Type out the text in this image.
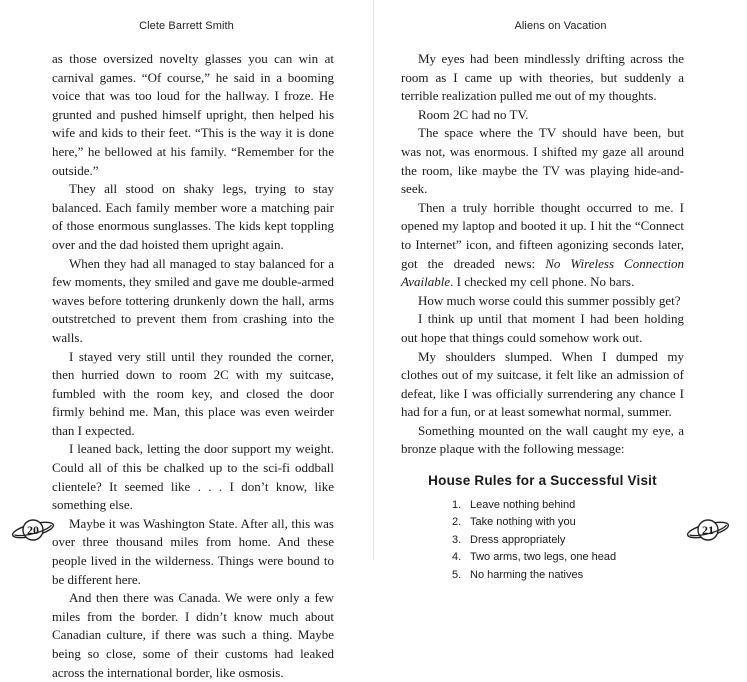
Clete Barrett Smith

as those oversized novelty glasses you can win at carnival games. “Of course,” he said in a booming voice that was too loud for the hallway. I froze. He grunted and pushed himself upright, then helped his wife and kids to their feet. “This is the way it is done here,” he bellowed at his family. “Remember for the outside.”

They all stood on shaky legs, trying to stay balanced. Each family member wore a matching pair of those enormous sunglasses. The kids kept toppling over and the dad hoisted them upright again.

When they had all managed to stay balanced for a few moments, they smiled and gave me double-armed waves before tottering drunkenly down the hall, arms outstretched to prevent them from crashing into the walls.

I stayed very still until they rounded the corner, then hurried down to room 2C with my suitcase, fumbled with the room key, and closed the door firmly behind me. Man, this place was even weirder than I expected.

I leaned back, letting the door support my weight. Could all of this be chalked up to the sci-fi oddball clientele? It seemed like . . . I don’t know, like something else.

Maybe it was Washington State. After all, this was over three thousand miles from home. And these people lived in the wilderness. Things were bound to be different here.

And then there was Canada. We were only a few miles from the border. I didn’t know much about Canadian culture, if there was such a thing. Maybe being so close, some of their customs had leaked across the international border, like osmosis.

20
Aliens on Vacation

My eyes had been mindlessly drifting across the room as I came up with theories, but suddenly a terrible realization pulled me out of my thoughts.

Room 2C had no TV.

The space where the TV should have been, but was not, was enormous. I shifted my gaze all around the room, like maybe the TV was playing hide-and-seek.

Then a truly horrible thought occurred to me. I opened my laptop and booted it up. I hit the “Connect to Internet” icon, and fifteen agonizing seconds later, got the dreaded news: No Wireless Connection Available. I checked my cell phone. No bars.

How much worse could this summer possibly get?

I think up until that moment I had been holding out hope that things could somehow work out.

My shoulders slumped. When I dumped my clothes out of my suitcase, it felt like an admission of defeat, like I was officially surrendering any chance I had for a fun, or at least somewhat normal, summer.

Something mounted on the wall caught my eye, a bronze plaque with the following message:

House Rules for a Successful Visit
1. Leave nothing behind
2. Take nothing with you
3. Dress appropriately
4. Two arms, two legs, one head
5. No harming the natives
21
